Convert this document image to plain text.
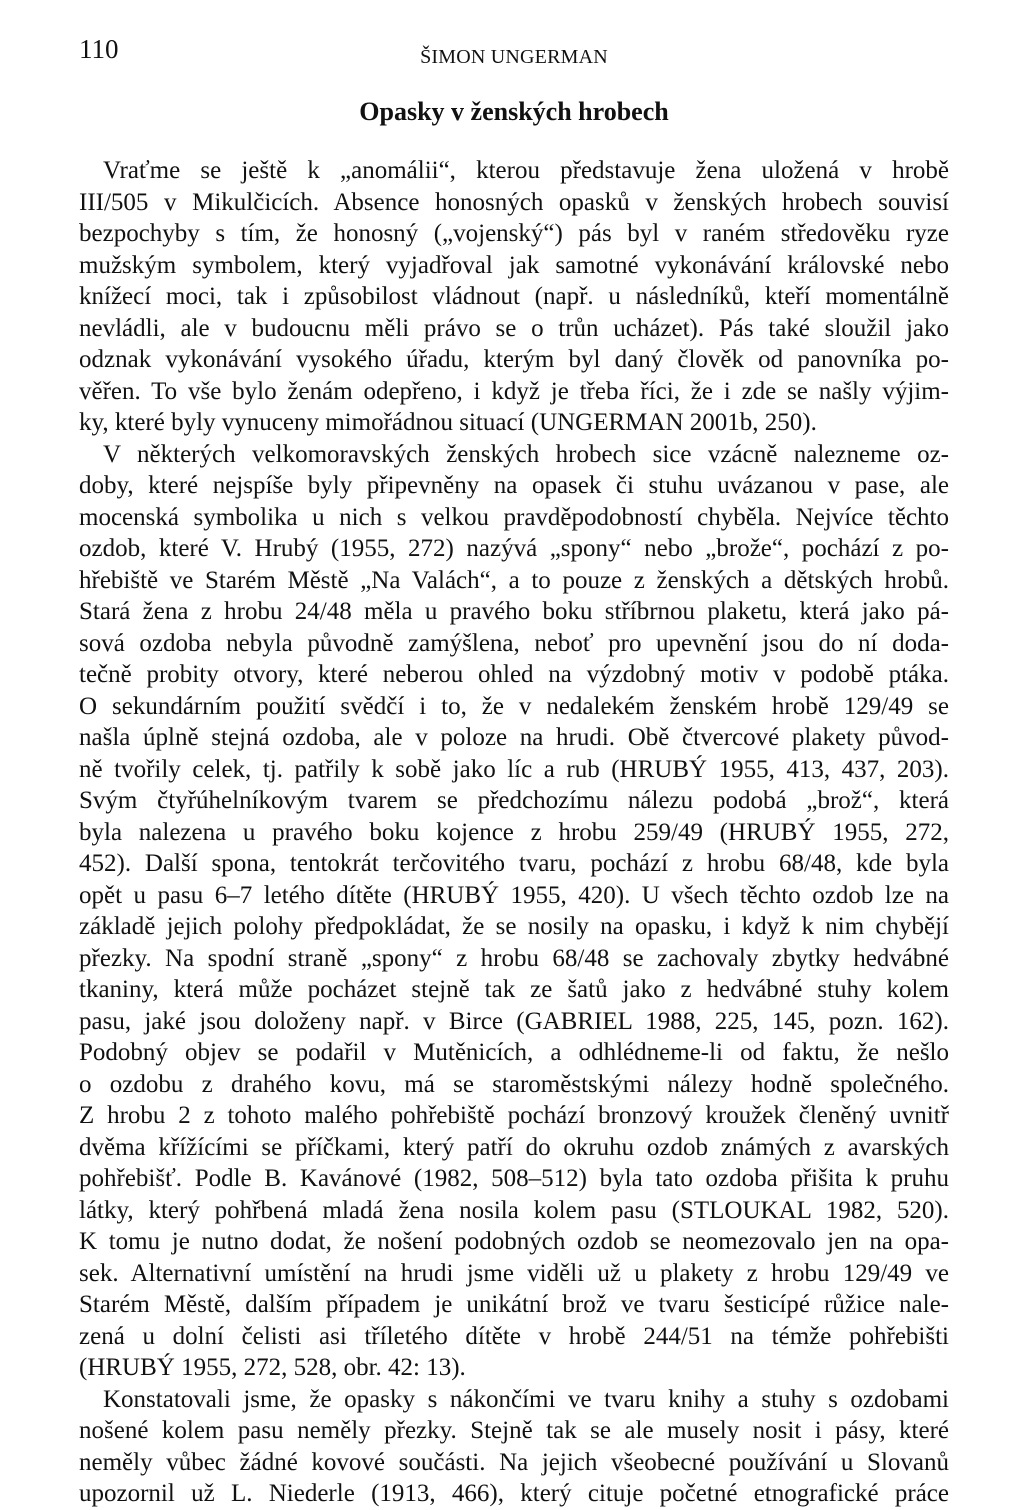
110	ŠIMON UNGERMAN
Opasky v ženských hrobech

Vraťme se ještě k „anomálii“, kterou představuje žena uložená v hrobě
III/505 v Mikulčicích. Absence honosných opasků v ženských hrobech souvisí
bezpochyby s tím, že honosný („vojenský“) pás byl v raném středověku ryze
mužským symbolem, který vyjadřoval jak samotné vykonávání královské nebo
knížecí moci, tak i způsobilost vládnout (např. u následníků, kteří momentálně
nevládli, ale v budoucnu měli právo se o trůn ucházet). Pás také sloužil jako
odznak vykonávání vysokého úřadu, kterým byl daný člověk od panovníka po-
věřen. To vše bylo ženám odepřeno, i když je třeba říci, že i zde se našly výjim-
ky, které byly vynuceny mimořádnou situací (UNGERMAN 2001b, 250).

V některých velkomoravských ženských hrobech sice vzácně nalezneme oz-
doby, které nejspíše byly připevněny na opasek či stuhu uvázanou v pase, ale
mocenská symbolika u nich s velkou pravděpodobností chyběla. Nejvíce těchto
ozdob, které V. Hrubý (1955, 272) nazývá „spony“ nebo „brože“, pochází z po-
hřebiště ve Starém Městě „Na Valách“, a to pouze z ženských a dětských hrobů.
Stará žena z hrobu 24/48 měla u pravého boku stříbrnou plaketu, která jako pá-
sová ozdoba nebyla původně zamýšlena, neboť pro upevnění jsou do ní doda-
tečně probity otvory, které neberou ohled na výzdobný motiv v podobě ptáka.
O sekundárním použití svědčí i to, že v nedalekém ženském hrobě 129/49 se
našla úplně stejná ozdoba, ale v poloze na hrudi. Obě čtvercové plakety původ-
ně tvořily celek, tj. patřily k sobě jako líc a rub (HRUBÝ 1955, 413, 437, 203).
Svým čtyřúhelníkovým tvarem se předchozímu nálezu podobá „brož“, která
byla nalezena u pravého boku kojence z hrobu 259/49 (HRUBÝ 1955, 272,
452). Další spona, tentokrát terčovitého tvaru, pochází z hrobu 68/48, kde byla
opět u pasu 6–7 letého dítěte (HRUBÝ 1955, 420). U všech těchto ozdob lze na
základě jejich polohy předpokládat, že se nosily na opasku, i když k nim chybějí
přezky. Na spodní straně „spony“ z hrobu 68/48 se zachovaly zbytky hedvábné
tkaniny, která může pocházet stejně tak ze šatů jako z hedvábné stuhy kolem
pasu, jaké jsou doloženy např. v Birce (GABRIEL 1988, 225, 145, pozn. 162).
Podobný objev se podařil v Mutěnicích, a odhlédneme-li od faktu, že nešlo
o ozdobu z drahého kovu, má se staroměstskými nálezy hodně společného.
Z hrobu 2 z tohoto malého pohřebiště pochází bronzový kroužek členěný uvnitř
dvěma křížícími se příčkami, který patří do okruhu ozdob známých z avarských
pohřebišť. Podle B. Kavánové (1982, 508–512) byla tato ozdoba přišita k pruhu
látky, který pohřbená mladá žena nosila kolem pasu (STLOUKAL 1982, 520).
K tomu je nutno dodat, že nošení podobných ozdob se neomezovalo jen na opa-
sek. Alternativní umístění na hrudi jsme viděli už u plakety z hrobu 129/49 ve
Starém Městě, dalším případem je unikátní brož ve tvaru šesticípé růžice nale-
zená u dolní čelisti asi tříletého dítěte v hrobě 244/51 na témže pohřebišti
(HRUBÝ 1955, 272, 528, obr. 42: 13).

Konstatovali jsme, že opasky s nákončími ve tvaru knihy a stuhy s ozdobami
nošené kolem pasu neměly přezky. Stejně tak se ale musely nosit i pásy, které
neměly vůbec žádné kovové součásti. Na jejich všeobecné používání u Slovanů
upozornil už L. Niederle (1913, 466), který cituje početné etnografické práce
